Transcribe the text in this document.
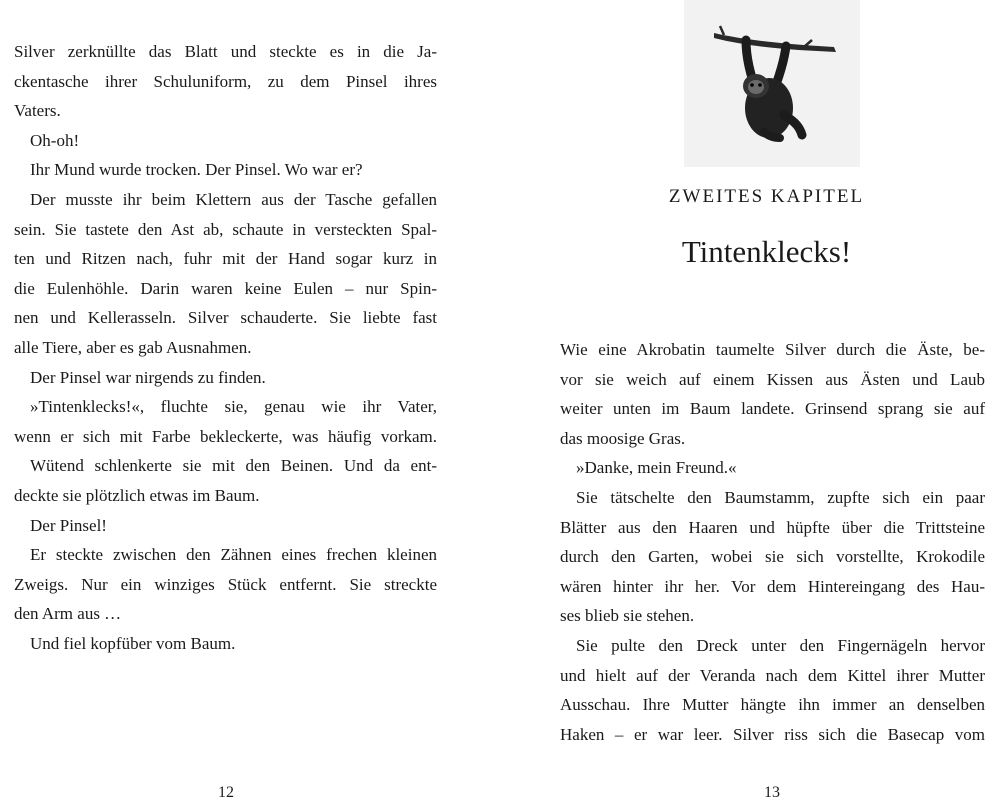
Silver zerknüllte das Blatt und steckte es in die Ja-
ckentasche ihrer Schuluniform, zu dem Pinsel ihres
Vaters.
Oh-oh!
Ihr Mund wurde trocken. Der Pinsel. Wo war er?
Der musste ihr beim Klettern aus der Tasche gefallen
sein. Sie tastete den Ast ab, schaute in versteckten Spal-
ten und Ritzen nach, fuhr mit der Hand sogar kurz in
die Eulenhöhle. Darin waren keine Eulen – nur Spin-
nen und Kellerasseln. Silver schauderte. Sie liebte fast
alle Tiere, aber es gab Ausnahmen.
Der Pinsel war nirgends zu finden.
»Tintenklecks!«, fluchte sie, genau wie ihr Vater,
wenn er sich mit Farbe bekleckerte, was häufig vorkam.
Wütend schlenkerte sie mit den Beinen. Und da ent-
deckte sie plötzlich etwas im Baum.
Der Pinsel!
Er steckte zwischen den Zähnen eines frechen kleinen
Zweigs. Nur ein winziges Stück entfernt. Sie streckte
den Arm aus …
Und fiel kopfüber vom Baum.
12
ZWEITES KAPITEL
Tintenklecks!
Wie eine Akrobatin taumelte Silver durch die Äste, be-
vor sie weich auf einem Kissen aus Ästen und Laub
weiter unten im Baum landete. Grinsend sprang sie auf
das moosige Gras.
»Danke, mein Freund.«
Sie tätschelte den Baumstamm, zupfte sich ein paar
Blätter aus den Haaren und hüpfte über die Trittsteine
durch den Garten, wobei sie sich vorstellte, Krokodile
wären hinter ihr her. Vor dem Hintereingang des Hau-
ses blieb sie stehen.
Sie pulte den Dreck unter den Fingernägeln hervor
und hielt auf der Veranda nach dem Kittel ihrer Mutter
Ausschau. Ihre Mutter hängte ihn immer an denselben
Haken – er war leer. Silver riss sich die Basecap vom
13
